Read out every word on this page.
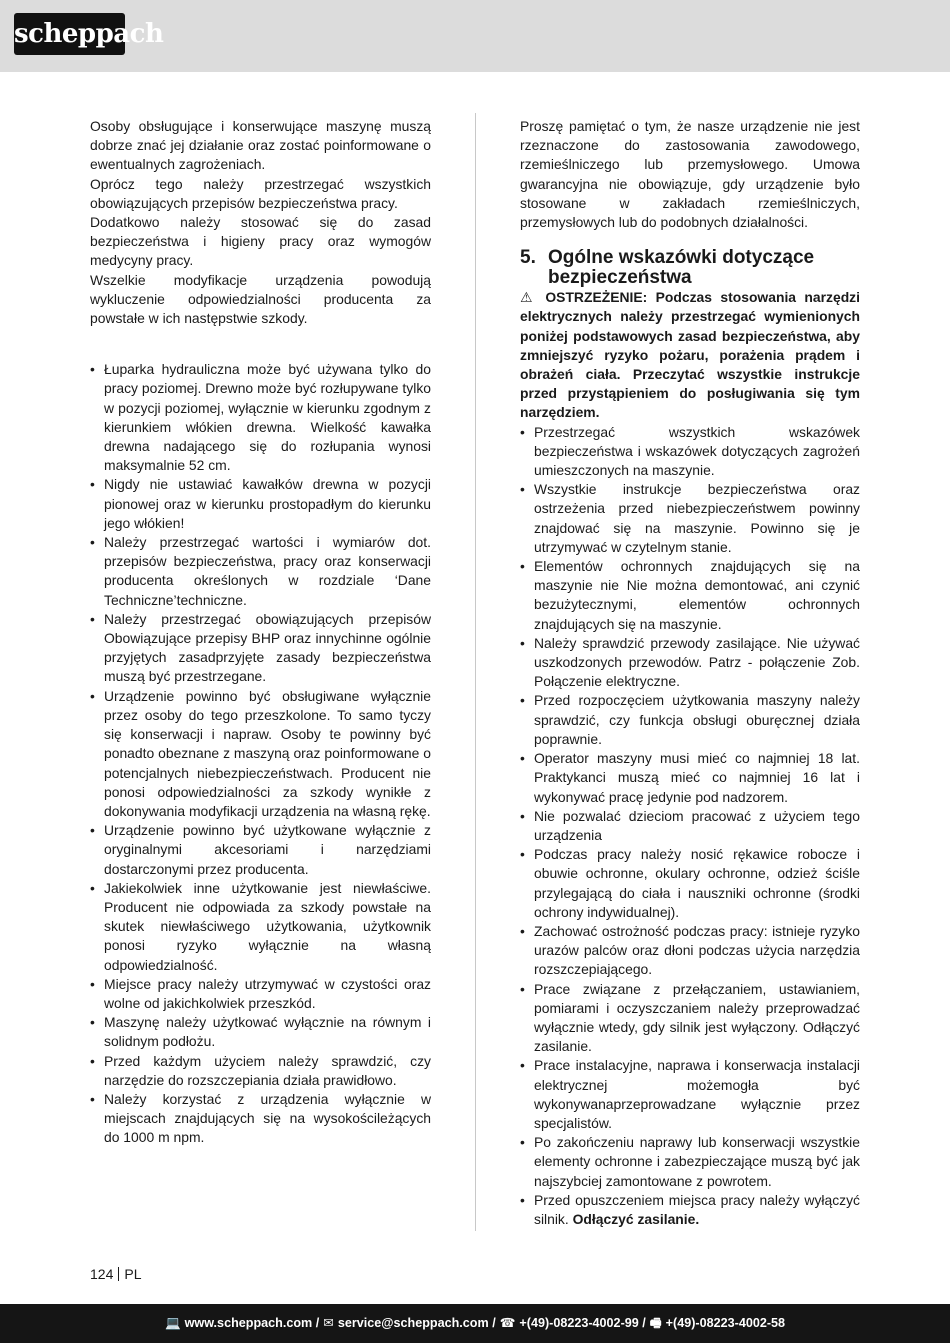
scheppach

Osoby obsługujące i konserwujące maszynę muszą dobrze znać jej działanie oraz zostać poinformowane o ewentualnych zagrożeniach.

Oprócz tego należy przestrzegać wszystkich obowiązujących przepisów bezpieczeństwa pracy.

Dodatkowo należy stosować się do zasad bezpieczeństwa i higieny pracy oraz wymogów medycyny pracy.

Wszelkie modyfikacje urządzenia powodują wykluczenie odpowiedzialności producenta za powstałe w ich następstwie szkody.

• Łuparka hydrauliczna może być używana tylko do pracy poziomej. Drewno może być rozłupywane tylko w pozycji poziomej, wyłącznie w kierunku zgodnym z kierunkiem włókien drewna. Wielkość kawałka drewna nadającego się do rozłupania wynosi maksymalnie 52 cm.
• Nigdy nie ustawiać kawałków drewna w pozycji pionowej oraz w kierunku prostopadłym do kierunku jego włókien!
• Należy przestrzegać wartości i wymiarów dot. przepisów bezpieczeństwa, pracy oraz konserwacji producenta określonych w rozdziale ‘Dane Techniczne’techniczne.
• Należy przestrzegać obowiązujących przepisów Obowiązujące przepisy BHP oraz innychinne ogólnie przyjętych zasadprzyjęte zasady bezpieczeństwa muszą być przestrzegane.
• Urządzenie powinno być obsługiwane wyłącznie przez osoby do tego przeszkolone. To samo tyczy się konserwacji i napraw. Osoby te powinny być ponadto obeznane z maszyną oraz poinformowane o potencjalnych niebezpieczeństwach. Producent nie ponosi odpowiedzialności za szkody wynikłe z dokonywania modyfikacji urządzenia na własną rękę.
• Urządzenie powinno być użytkowane wyłącznie z oryginalnymi akcesoriami i narzędziami dostarczonymi przez producenta.
• Jakiekolwiek inne użytkowanie jest niewłaściwe. Producent nie odpowiada za szkody powstałe na skutek niewłaściwego użytkowania, użytkownik ponosi ryzyko wyłącznie na własną odpowiedzialność.
• Miejsce pracy należy utrzymywać w czystości oraz wolne od jakichkolwiek przeszkód.
• Maszynę należy użytkować wyłącznie na równym i solidnym podłożu.
• Przed każdym użyciem należy sprawdzić, czy narzędzie do rozszczepiania działa prawidłowo.
• Należy korzystać z urządzenia wyłącznie w miejscach znajdujących się na wysokościleżących do 1000 m npm.

Proszę pamiętać o tym, że nasze urządzenie nie jest rzeznaczone do zastosowania zawodowego, rzemieślniczego lub przemysłowego. Umowa gwarancyjna nie obowiązuje, gdy urządzenie było stosowane w zakładach rzemieślniczych, przemysłowych lub do podobnych działalności.

5. Ogólne wskazówki dotyczące bezpieczeństwa

⚠ OSTRZEŻENIE: Podczas stosowania narzędzi elektrycznych należy przestrzegać wymienionych poniżej podstawowych zasad bezpieczeństwa, aby zmniejszyć ryzyko pożaru, porażenia prądem i obrażeń ciała. Przeczytać wszystkie instrukcje przed przystąpieniem do posługiwania się tym narzędziem.

• Przestrzegać wszystkich wskazówek bezpieczeństwa i wskazówek dotyczących zagrożeń umieszczonych na maszynie.
• Wszystkie instrukcje bezpieczeństwa oraz ostrzeżenia przed niebezpieczeństwem powinny znajdować się na maszynie. Powinno się je utrzymywać w czytelnym stanie.
• Elementów ochronnych znajdujących się na maszynie nie Nie można demontować, ani czynić bezużytecznymi, elementów ochronnych znajdujących się na maszynie.
• Należy sprawdzić przewody zasilające. Nie używać uszkodzonych przewodów. Patrz - połączenie Zob. Połączenie elektryczne.
• Przed rozpoczęciem użytkowania maszyny należy sprawdzić, czy funkcja obsługi oburęcznej działa poprawnie.
• Operator maszyny musi mieć co najmniej 18 lat. Praktykanci muszą mieć co najmniej 16 lat i wykonywać pracę jedynie pod nadzorem.
• Nie pozwalać dzieciom pracować z użyciem tego urządzenia
• Podczas pracy należy nosić rękawice robocze i obuwie ochronne, okulary ochronne, odzież ściśle przylegającą do ciała i nauszniki ochronne (środki ochrony indywidualnej).
• Zachować ostrożność podczas pracy: istnieje ryzyko urazów palców oraz dłoni podczas użycia narzędzia rozszczepiającego.
• Prace związane z przełączaniem, ustawianiem, pomiarami i oczyszczaniem należy przeprowadzać wyłącznie wtedy, gdy silnik jest wyłączony. Odłączyć zasilanie.
• Prace instalacyjne, naprawa i konserwacja instalacji elektrycznej możemogła być wykonywanaprzeprowadzane wyłącznie przez specjalistów.
• Po zakończeniu naprawy lub konserwacji wszystkie elementy ochronne i zabezpieczające muszą być jak najszybciej zamontowane z powrotem.
• Przed opuszczeniem miejsca pracy należy wyłączyć silnik. Odłączyć zasilanie.
124 PL
💻 www.scheppach.com / ✉ service@scheppach.com / ☎ +(49)-08223-4002-99 / 🖷 +(49)-08223-4002-58
